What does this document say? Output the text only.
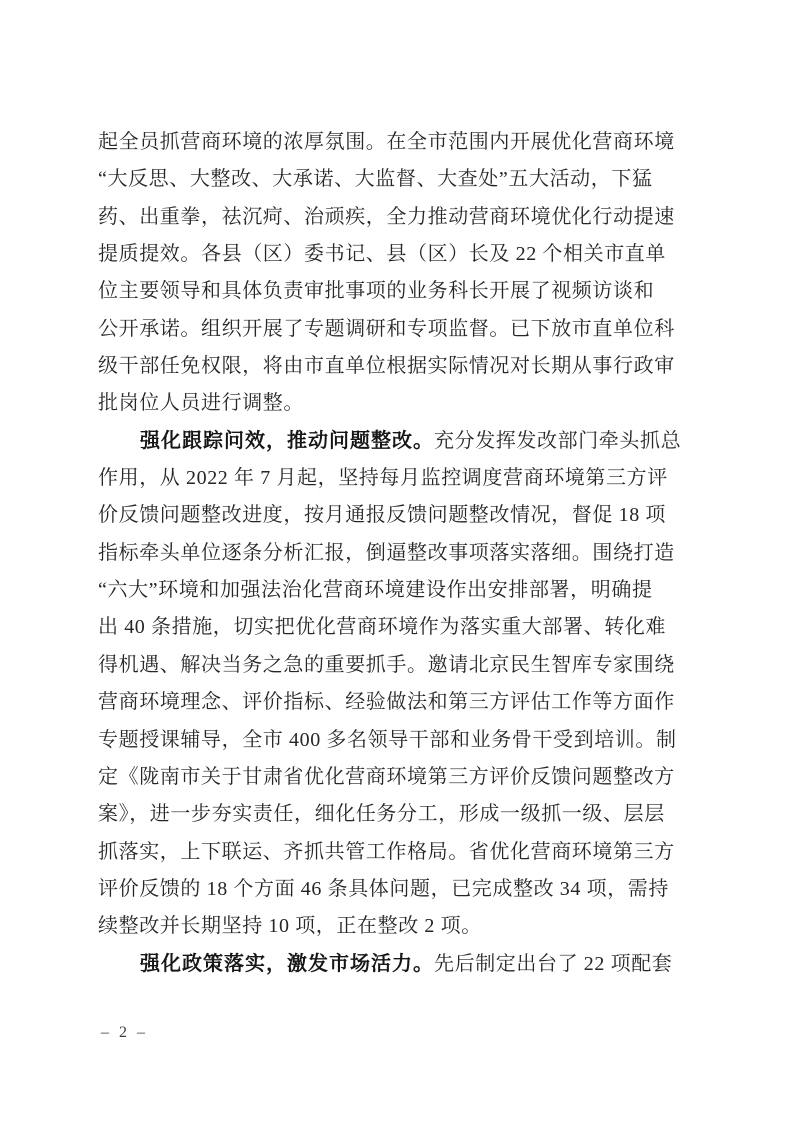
起全员抓营商环境的浓厚氛围。在全市范围内开展优化营商环境
“大反思、大整改、大承诺、大监督、大查处”五大活动，下猛
药、出重拳，祛沉疴、治顽疾，全力推动营商环境优化行动提速
提质提效。各县（区）委书记、县（区）长及 22 个相关市直单
位主要领导和具体负责审批事项的业务科长开展了视频访谈和
公开承诺。组织开展了专题调研和专项监督。已下放市直单位科
级干部任免权限，将由市直单位根据实际情况对长期从事行政审
批岗位人员进行调整。
强化跟踪问效，推动问题整改。充分发挥发改部门牵头抓总
作用，从 2022 年 7 月起，坚持每月监控调度营商环境第三方评
价反馈问题整改进度，按月通报反馈问题整改情况，督促 18 项
指标牵头单位逐条分析汇报，倒逼整改事项落实落细。围绕打造
“六大”环境和加强法治化营商环境建设作出安排部署，明确提
出 40 条措施，切实把优化营商环境作为落实重大部署、转化难
得机遇、解决当务之急的重要抓手。邀请北京民生智库专家围绕
营商环境理念、评价指标、经验做法和第三方评估工作等方面作
专题授课辅导，全市 400 多名领导干部和业务骨干受到培训。制
定《陇南市关于甘肃省优化营商环境第三方评价反馈问题整改方
案》，进一步夯实责任，细化任务分工，形成一级抓一级、层层
抓落实，上下联运、齐抓共管工作格局。省优化营商环境第三方
评价反馈的 18 个方面 46 条具体问题，已完成整改 34 项，需持
续整改并长期坚持 10 项，正在整改 2 项。
强化政策落实，激发市场活力。先后制定出台了 22 项配套
– 2 –
